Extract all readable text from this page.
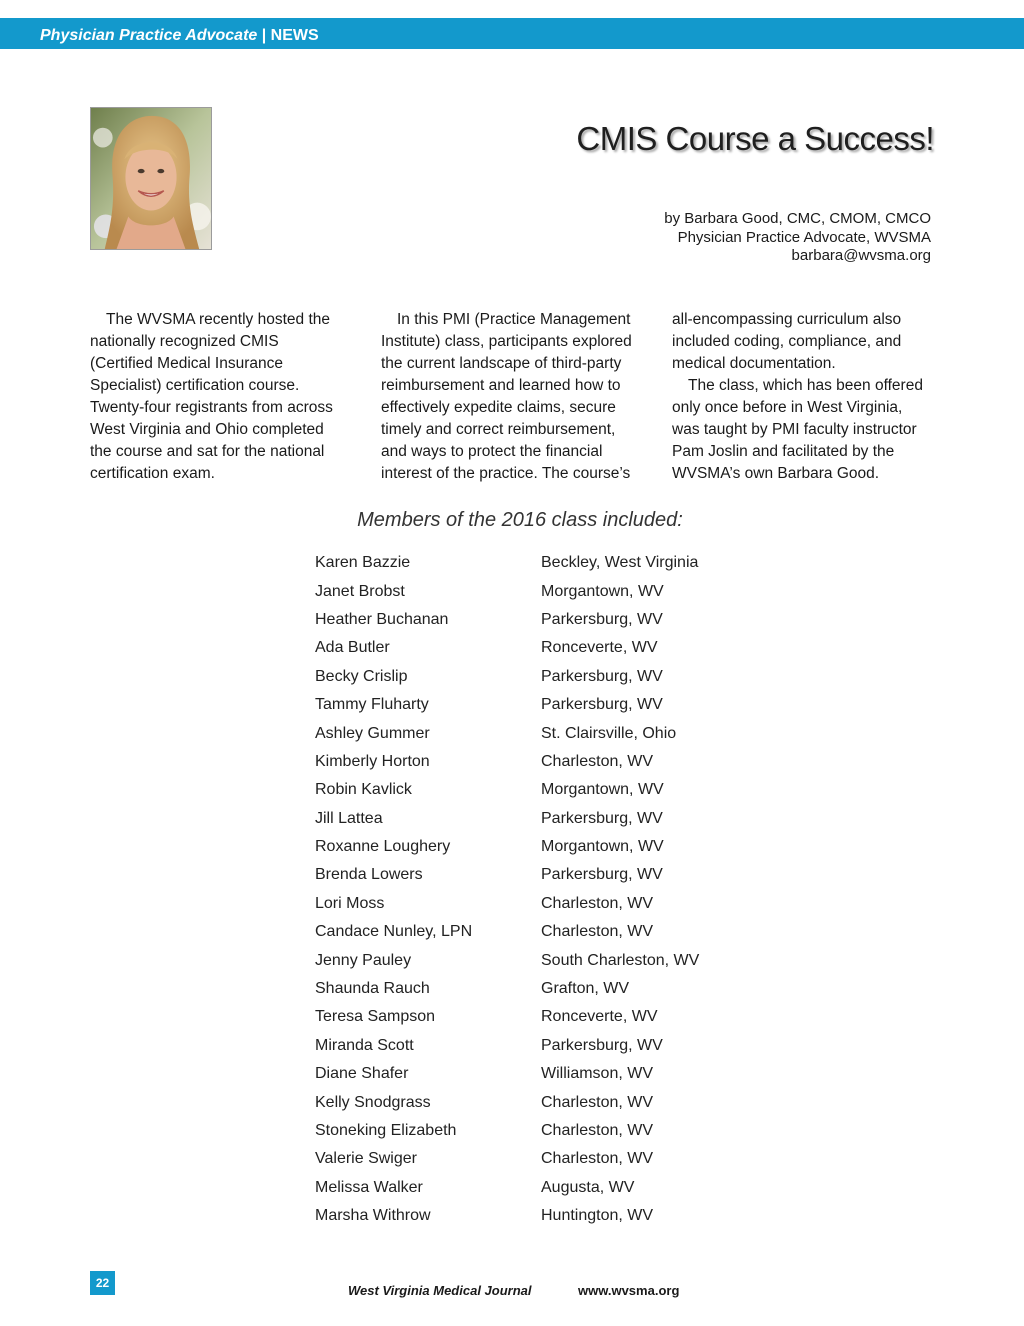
Physician Practice Advocate | NEWS
CMIS Course a Success!
by Barbara Good, CMC, CMOM, CMCO
Physician Practice Advocate, WVSMA
barbara@wvsma.org

The WVSMA recently hosted the nationally recognized CMIS (Certified Medical Insurance Specialist) certification course. Twenty-four registrants from across West Virginia and Ohio completed the course and sat for the national certification exam.

In this PMI (Practice Management Institute) class, participants explored the current landscape of third-party reimbursement and learned how to effectively expedite claims, secure timely and correct reimbursement, and ways to protect the financial interest of the practice. The course’s

all-encompassing curriculum also included coding, compliance, and medical documentation.

The class, which has been offered only once before in West Virginia, was taught by PMI faculty instructor Pam Joslin and facilitated by the WVSMA’s own Barbara Good.

Members of the 2016 class included:
Karen Bazzie	Beckley, West Virginia
Janet Brobst	Morgantown, WV
Heather Buchanan	Parkersburg, WV
Ada Butler	Ronceverte, WV
Becky Crislip	Parkersburg, WV
Tammy Fluharty	Parkersburg, WV
Ashley Gummer	St. Clairsville, Ohio
Kimberly Horton	Charleston, WV
Robin Kavlick	Morgantown, WV
Jill Lattea	Parkersburg, WV
Roxanne Loughery	Morgantown, WV
Brenda Lowers	Parkersburg, WV
Lori Moss	Charleston, WV
Candace Nunley, LPN	Charleston, WV
Jenny Pauley	South Charleston, WV
Shaunda Rauch	Grafton, WV
Teresa Sampson	Ronceverte, WV
Miranda Scott	Parkersburg, WV
Diane Shafer	Williamson, WV
Kelly Snodgrass	Charleston, WV
Stoneking Elizabeth	Charleston, WV
Valerie Swiger	Charleston, WV
Melissa Walker	Augusta, WV
Marsha Withrow	Huntington, WV
22	West Virginia Medical Journal	www.wvsma.org
